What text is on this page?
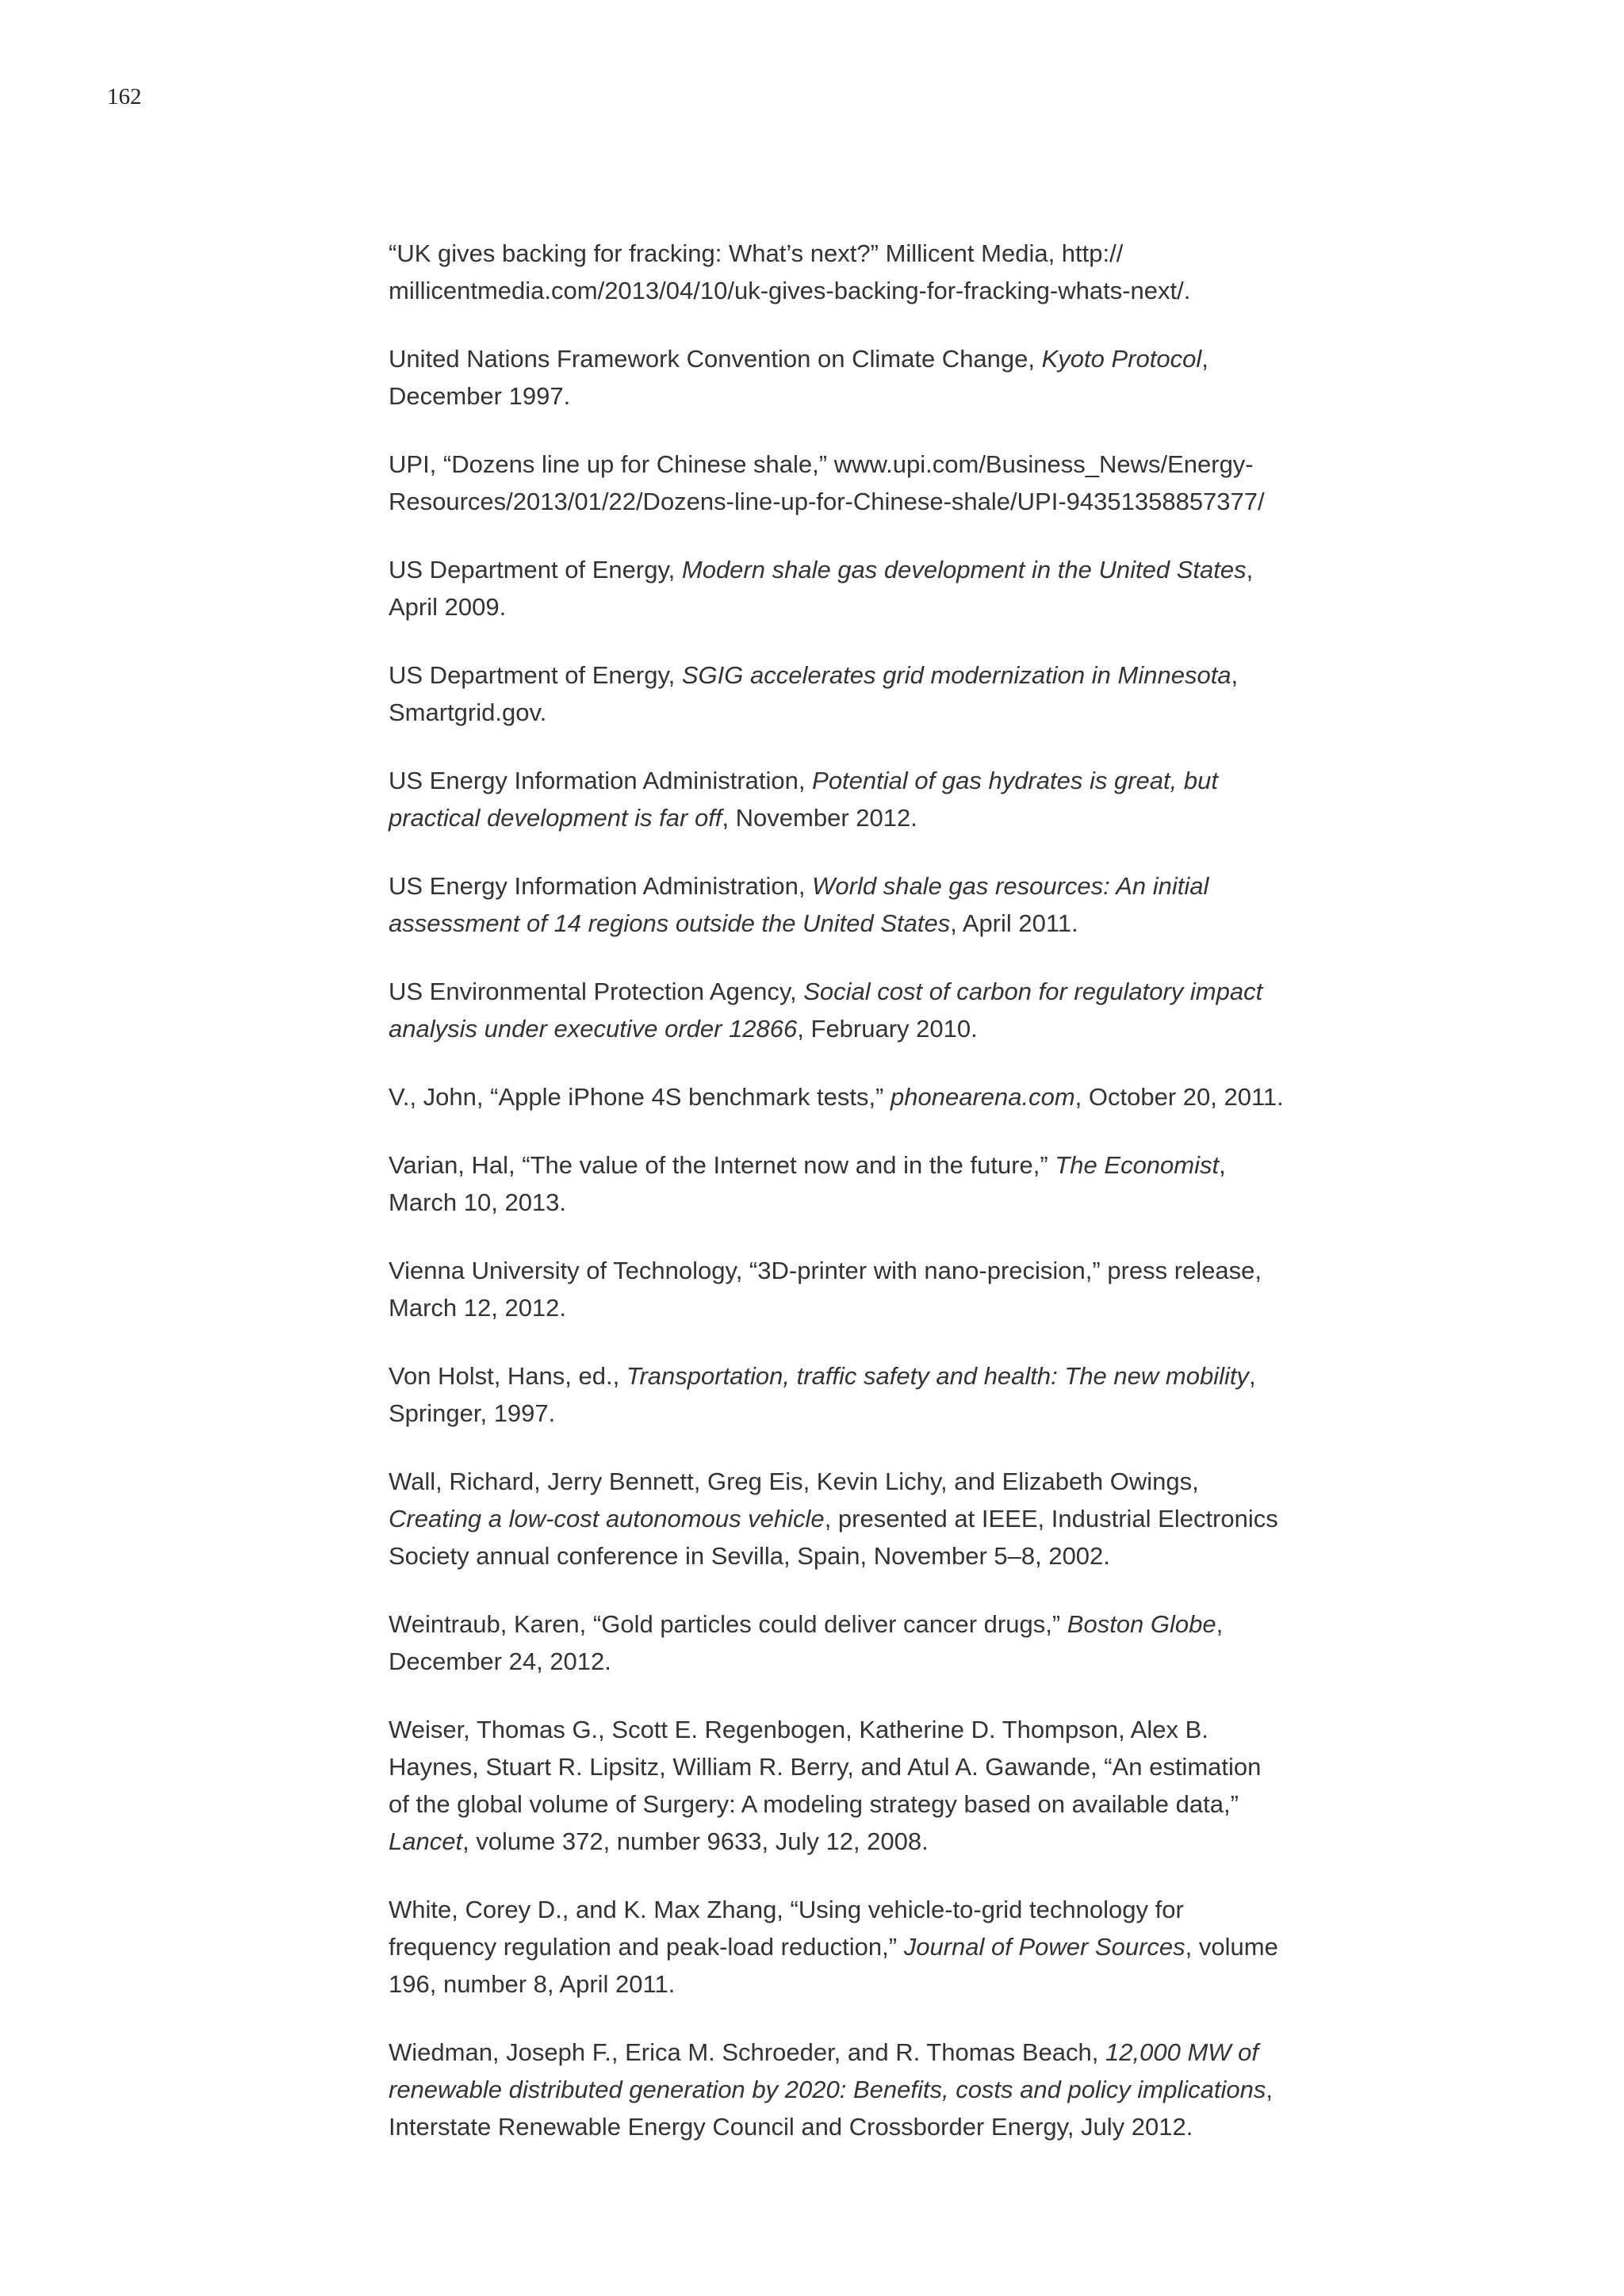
162

“UK gives backing for fracking: What’s next?” Millicent Media, http://
millicentmedia.com/2013/04/10/uk-gives-backing-for-fracking-whats-next/.
United Nations Framework Convention on Climate Change, Kyoto Protocol,
December 1997.
UPI, “Dozens line up for Chinese shale,” www.upi.com/Business_News/Energy-
Resources/2013/01/22/Dozens-line-up-for-Chinese-shale/UPI-94351358857377/
US Department of Energy, Modern shale gas development in the United States,
April 2009.
US Department of Energy, SGIG accelerates grid modernization in Minnesota,
Smartgrid.gov.
US Energy Information Administration, Potential of gas hydrates is great, but
practical development is far off, November 2012.
US Energy Information Administration, World shale gas resources: An initial
assessment of 14 regions outside the United States, April 2011.
US Environmental Protection Agency, Social cost of carbon for regulatory impact
analysis under executive order 12866, February 2010.
V., John, “Apple iPhone 4S benchmark tests,” phonearena.com, October 20, 2011.
Varian, Hal, “The value of the Internet now and in the future,” The Economist,
March 10, 2013.
Vienna University of Technology, “3D-printer with nano-precision,” press release,
March 12, 2012.
Von Holst, Hans, ed., Transportation, traffic safety and health: The new mobility,
Springer, 1997.
Wall, Richard, Jerry Bennett, Greg Eis, Kevin Lichy, and Elizabeth Owings,
Creating a low-cost autonomous vehicle, presented at IEEE, Industrial Electronics
Society annual conference in Sevilla, Spain, November 5–8, 2002.
Weintraub, Karen, “Gold particles could deliver cancer drugs,” Boston Globe,
December 24, 2012.
Weiser, Thomas G., Scott E. Regenbogen, Katherine D. Thompson, Alex B.
Haynes, Stuart R. Lipsitz, William R. Berry, and Atul A. Gawande, “An estimation
of the global volume of Surgery: A modeling strategy based on available data,”
Lancet, volume 372, number 9633, July 12, 2008.
White, Corey D., and K. Max Zhang, “Using vehicle-to-grid technology for
frequency regulation and peak-load reduction,” Journal of Power Sources, volume
196, number 8, April 2011.
Wiedman, Joseph F., Erica M. Schroeder, and R. Thomas Beach, 12,000 MW of
renewable distributed generation by 2020: Benefits, costs and policy implications,
Interstate Renewable Energy Council and Crossborder Energy, July 2012.
